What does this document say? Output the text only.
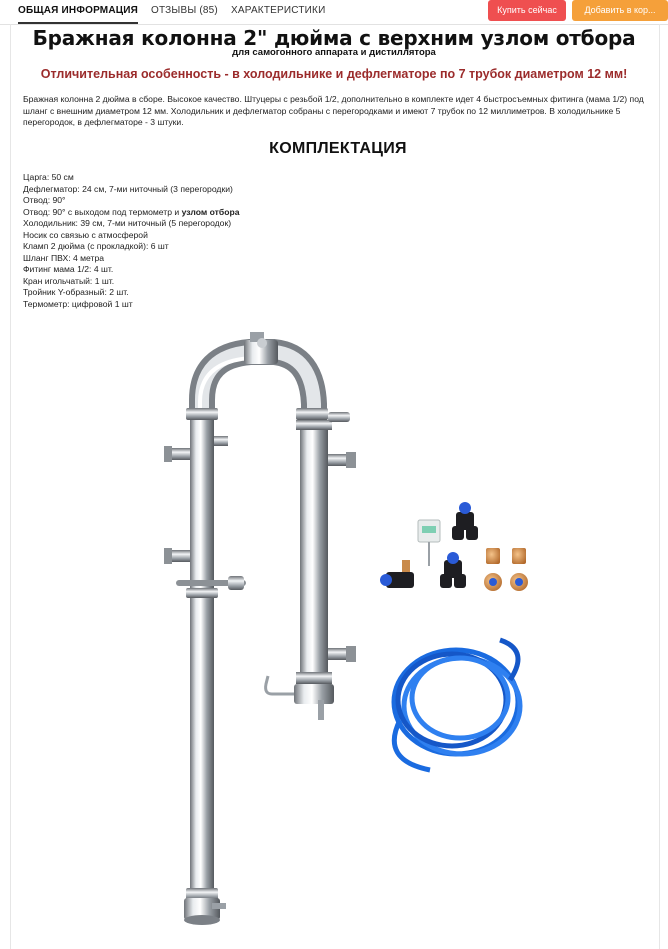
ОБЩАЯ ИНФОРМАЦИЯ ОТЗЫВЫ (85) ХАРАКТЕРИСТИКИ	Купить сейчас	Добавить в кор...
Бражная колонна 2" дюйма с верхним узлом отбора
для самогонного аппарата и дистиллятора
Отличительная особенность - в холодильнике и дефлегматоре по 7 трубок диаметром 12 мм!
Бражная колонна 2 дюйма в сборе. Высокое качество. Штуцеры с резьбой 1/2, дополнительно в комплекте идет 4 быстросъемных фитинга (мама 1/2) под шланг с внешним диаметром 12 мм. Холодильник и дефлегматор собраны с перегородками и имеют 7 трубок по 12 миллиметров. В холодильнике 5 перегородок, в дефлегматоре - 3 штуки.
КОМПЛЕКТАЦИЯ
Царга: 50 см
Дефлегматор: 24 см, 7-ми ниточный (3 перегородки)
Отвод: 90°
Отвод: 90° с выходом под термометр и узлом отбора
Холодильник: 39 см, 7-ми ниточный (5 перегородок)
Носик со связью с атмосферой
Кламп 2 дюйма (с прокладкой): 6 шт
Шланг ПВХ: 4 метра
Фитинг мама 1/2: 4 шт.
Кран игольчатый: 1 шт.
Тройник Y-образный: 2 шт.
Термометр: цифровой 1 шт
